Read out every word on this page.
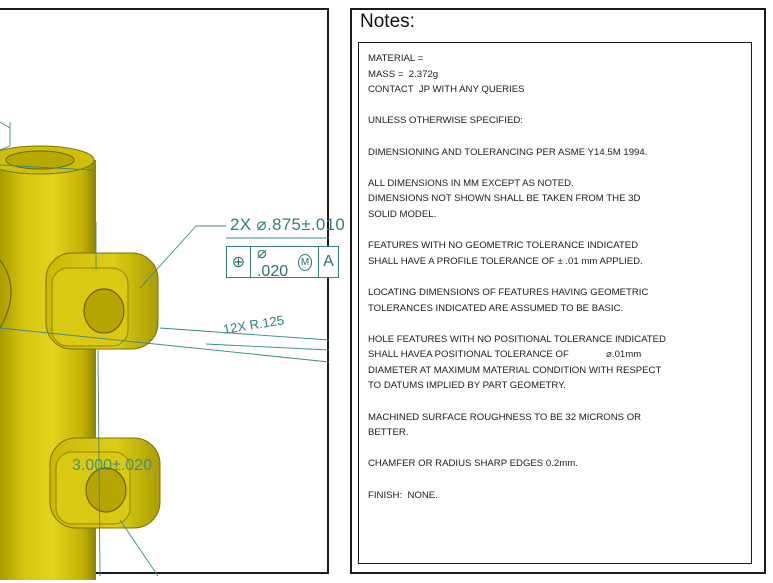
2X ⌀.875±.010
⊕
⌀ .020
M A
12X R.125
3.000±.020
Notes:
MATERIAL =
MASS =  2.372g
CONTACT  JP WITH ANY QUERIES
UNLESS OTHERWISE SPECIFIED:
DIMENSIONING AND TOLERANCING PER ASME Y14.5M 1994.
ALL DIMENSIONS IN MM EXCEPT AS NOTED.
DIMENSIONS NOT SHOWN SHALL BE TAKEN FROM THE 3D
SOLID MODEL.
FEATURES WITH NO GEOMETRIC TOLERANCE INDICATED
SHALL HAVE A PROFILE TOLERANCE OF ± .01 mm APPLIED.
LOCATING DIMENSIONS OF FEATURES HAVING GEOMETRIC
TOLERANCES INDICATED ARE ASSUMED TO BE BASIC.
HOLE FEATURES WITH NO POSITIONAL TOLERANCE INDICATED
SHALL HAVEA POSITIONAL TOLERANCE OF              ⌀.01mm
DIAMETER AT MAXIMUM MATERIAL CONDITION WITH RESPECT
TO DATUMS IMPLIED BY PART GEOMETRY.
MACHINED SURFACE ROUGHNESS TO BE 32 MICRONS OR
BETTER.
CHAMFER OR RADIUS SHARP EDGES 0.2mm.
FINISH:  NONE.
